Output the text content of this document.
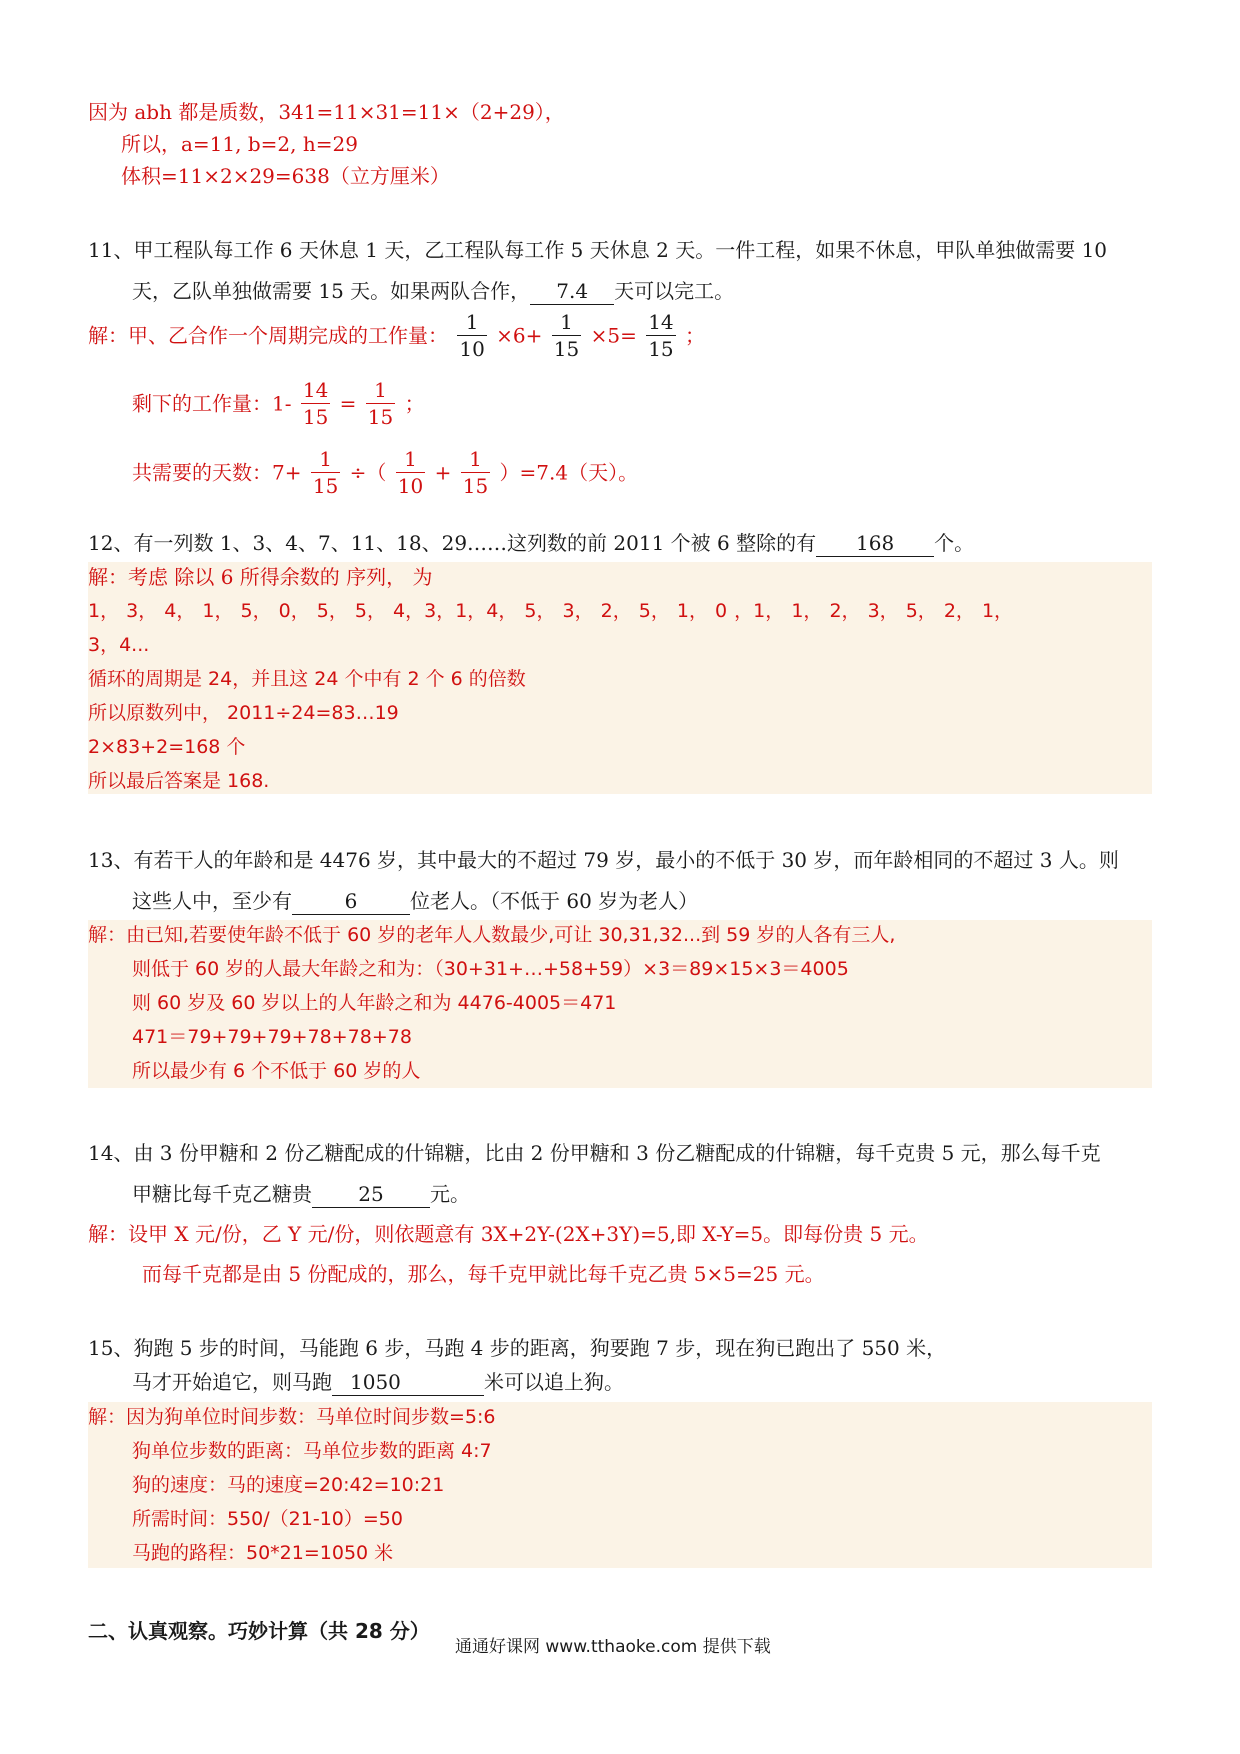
因为 abh 都是质数，341=11×31=11×（2+29），
所以，a=11, b=2, h=29
体积=11×2×29=638（立方厘米）
11、甲工程队每工作 6 天休息 1 天，乙工程队每工作 5 天休息 2 天。一件工程，如果不休息，甲队单独做需要 10
天，乙队单独做需要 15 天。如果两队合作， 7.4 天可以完工。
解：甲、乙合作一个周期完成的工作量： $\frac{1}{10} \times 6+ \frac{1}{15} \times 5= \frac{14}{15}$ ；
剩下的工作量：$1- \frac{14}{15} = \frac{1}{15}$ ；
共需要的天数：$7+ \frac{1}{15}$ ÷（ $\frac{1}{10} + \frac{1}{15} )=7.4$（天）。
12、有一列数 1、3、4、7、11、18、29……这列数的前 2011 个被 6 整除的有 168 个。
解：考虑 除以 6 所得余数的 序列， 为
1， 3， 4， 1， 5， 0， 5， 5， 4，3，1，4， 5， 3， 2， 5， 1， 0 ，1， 1， 2， 3， 5， 2， 1，
3，4...
循环的周期是 24，并且这 24 个中有 2 个 6 的倍数
所以原数列中， 2011÷24=83…19
2×83+2=168 个
所以最后答案是 168.
13、有若干人的年龄和是 4476 岁，其中最大的不超过 79 岁，最小的不低于 30 岁，而年龄相同的不超过 3 人。则
这些人中，至少有	6	位老人。（不低于 60 岁为老人）
解：由已知,若要使年龄不低于 60 岁的老年人人数最少,可让 30,31,32...到 59 岁的人各有三人,
则低于 60 岁的人最大年龄之和为：（30+31+…+58+59）×3＝89×15×3＝4005
则 60 岁及 60 岁以上的人年龄之和为 4476-4005＝471
471＝79+79+79+78+78+78
所以最少有 6 个不低于 60 岁的人
14、由 3 份甲糖和 2 份乙糖配成的什锦糖，比由 2 份甲糖和 3 份乙糖配成的什锦糖，每千克贵 5 元，那么每千克
甲糖比每千克乙糖贵 25 元。
解：设甲 X 元/份，乙 Y 元/份，则依题意有 3X+2Y-(2X+3Y)=5,即 X-Y=5。即每份贵 5 元。
而每千克都是由 5 份配成的，那么，每千克甲就比每千克乙贵 5×5=25 元。
15、狗跑 5 步的时间，马能跑 6 步，马跑 4 步的距离，狗要跑 7 步，现在狗已跑出了 550 米，
马才开始追它，则马跑 1050	米可以追上狗。
解：因为狗单位时间步数：马单位时间步数=5:6
狗单位步数的距离：马单位步数的距离 4:7
狗的速度：马的速度=20:42=10:21
所需时间：550/（21-10）=50
马跑的路程：50*21=1050 米
二、认真观察。巧妙计算（共 28 分）
通通好课网 www.tthaoke.com 提供下载
